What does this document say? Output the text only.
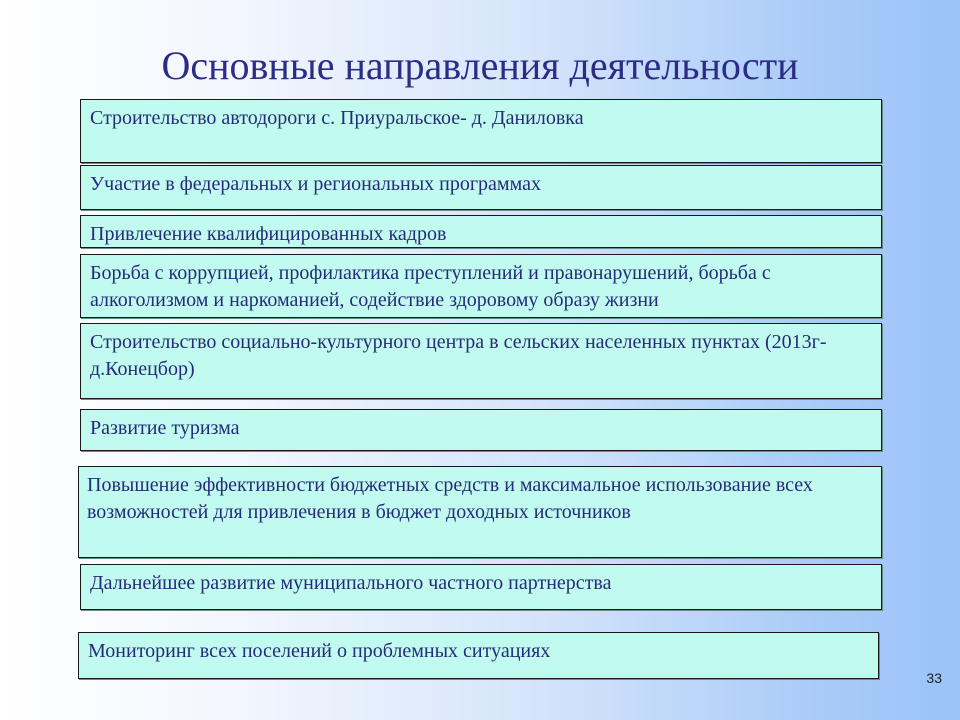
Основные направления деятельности
Строительство автодороги с. Приуральское- д. Даниловка
Участие в федеральных и региональных программах
Привлечение квалифицированных кадров
Борьба с коррупцией, профилактика преступлений и правонарушений, борьба с алкоголизмом и наркоманией, содействие здоровому образу жизни
Строительство социально-культурного центра в сельских населенных пунктах (2013г- д.Конецбор)
Развитие туризма
Повышение эффективности бюджетных средств и максимальное использование всех возможностей для привлечения в бюджет доходных источников
Дальнейшее развитие муниципального частного партнерства
Мониторинг всех поселений о проблемных ситуациях
33
